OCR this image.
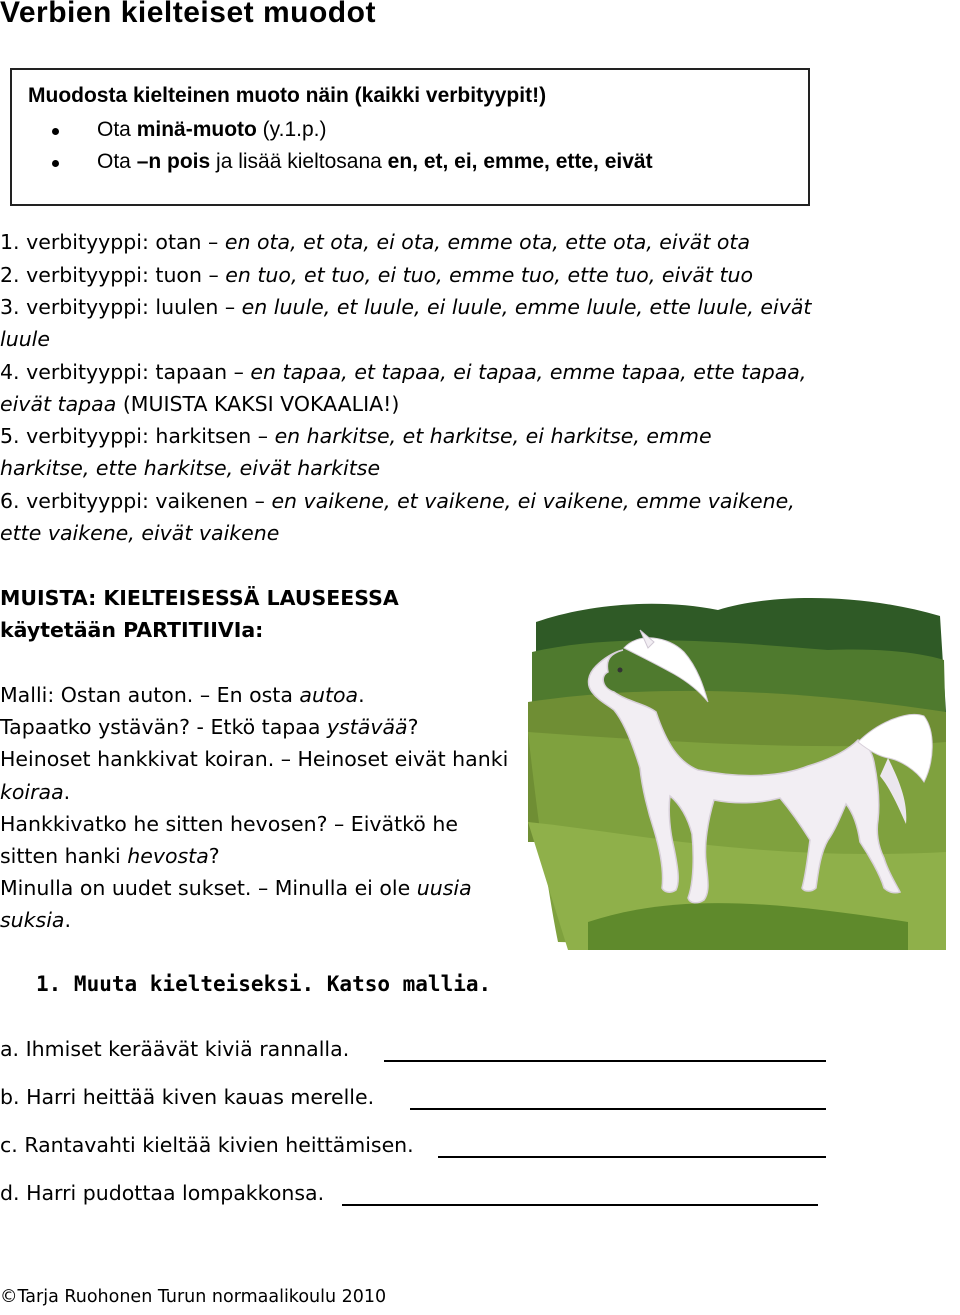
Verbien kielteiset muodot
Muodosta kielteinen muoto näin (kaikki verbityypit!)
Ota minä-muoto (y.1.p.)
Ota –n pois ja lisää kieltosana en, et, ei, emme, ette, eivät
1. verbityyppi: otan – en ota, et ota, ei ota, emme ota, ette ota, eivät ota
2. verbityyppi: tuon – en tuo, et tuo, ei tuo, emme tuo, ette tuo, eivät tuo
3. verbityyppi: luulen – en luule, et luule, ei luule, emme luule, ette luule, eivät
luule
4. verbityyppi: tapaan – en tapaa, et tapaa, ei tapaa, emme tapaa, ette tapaa,
eivät tapaa (MUISTA KAKSI VOKAALIA!)
5. verbityyppi: harkitsen – en harkitse, et harkitse, ei harkitse, emme
harkitse, ette harkitse, eivät harkitse
6. verbityyppi: vaikenen – en vaikene, et vaikene, ei vaikene, emme vaikene,
ette vaikene, eivät vaikene
MUISTA: KIELTEISESSÄ LAUSEESSA
käytetään PARTITIIVIa:
Malli: Ostan auton. – En osta autoa.
Tapaatko ystävän? - Etkö tapaa ystävää?
Heinoset hankkivat koiran. – Heinoset eivät hanki
koiraa.
Hankkivatko he sitten hevosen? – Eivätkö he
sitten hanki hevosta?
Minulla on uudet sukset. – Minulla ei ole uusia
suksia.
1. Muuta kielteiseksi. Katso mallia.
a. Ihmiset keräävät kiviä rannalla.
b. Harri heittää kiven kauas merelle.
c. Rantavahti kieltää kivien heittämisen.
d. Harri pudottaa lompakkonsa.
©Tarja Ruohonen Turun normaalikoulu 2010
